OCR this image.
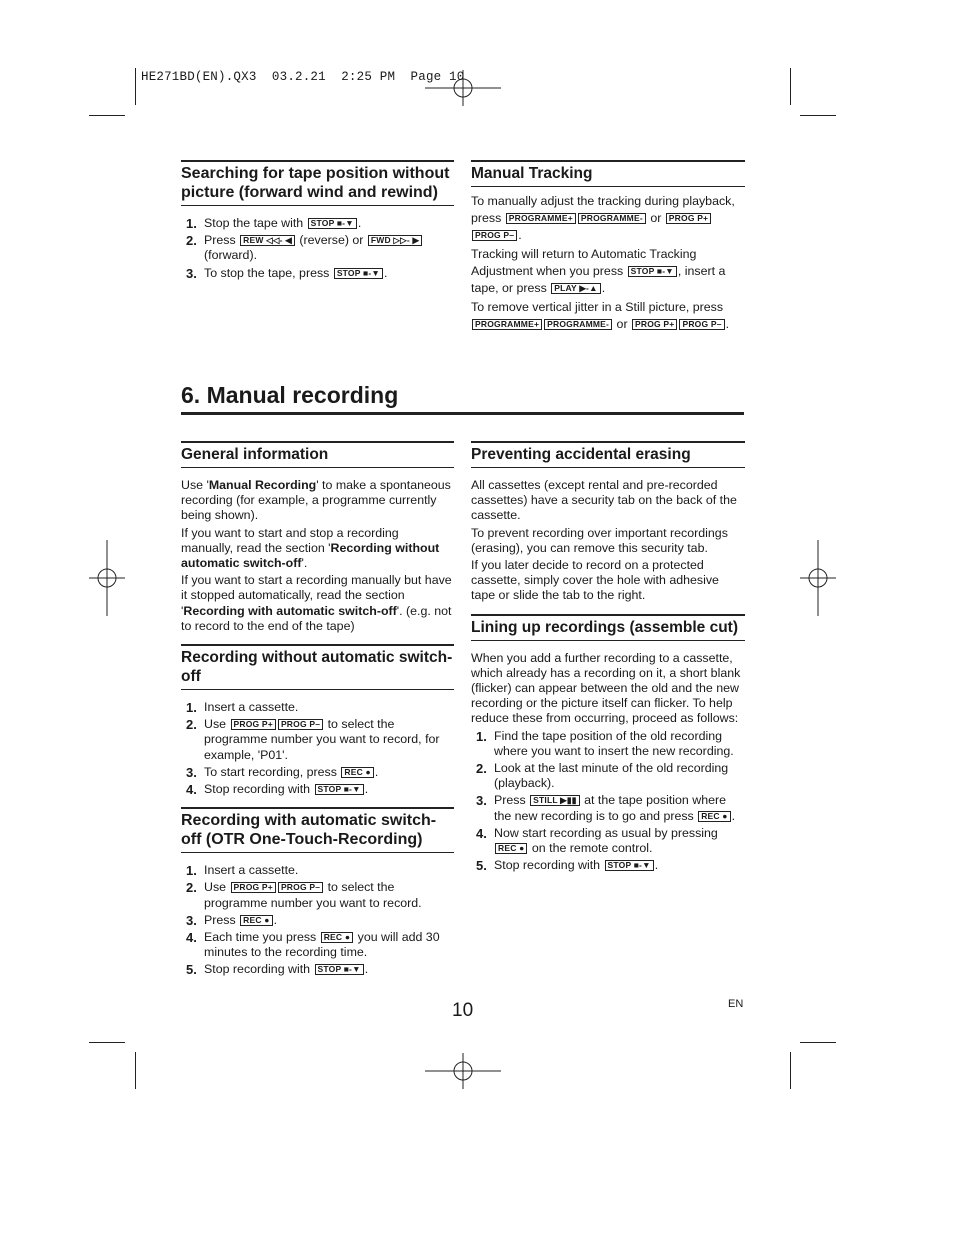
HE271BD(EN).QX3  03.2.21  2:25 PM  Page 10
Searching for tape position without picture (forward wind and rewind)
1. Stop the tape with STOP ■-▼ .
2. Press REW ◁◁- ◀ (reverse) or FWD ▷▷- ▶ (forward).
3. To stop the tape, press STOP ■-▼ .
Manual Tracking
To manually adjust the tracking during playback, press PROGRAMME+ PROGRAMME- or PROG P+ PROG P– .
Tracking will return to Automatic Tracking Adjustment when you press STOP ■-▼ , insert a tape, or press PLAY ▶-▲ .
To remove vertical jitter in a Still picture, press PROGRAMME+ PROGRAMME- or PROG P+ PROG P– .
6. Manual recording
General information
Use 'Manual Recording' to make a spontaneous recording (for example, a programme currently being shown).
If you want to start and stop a recording manually, read the section 'Recording without automatic switch-off'.
If you want to start a recording manually but have it stopped automatically, read the section 'Recording with automatic switch-off'. (e.g. not to record to the end of the tape)
Recording without automatic switch-off
1. Insert a cassette.
2. Use PROG P+ PROG P– to select the programme number you want to record, for example, 'P01'.
3. To start recording, press REC ● .
4. Stop recording with STOP ■-▼ .
Recording with automatic switch-off (OTR One-Touch-Recording)
1. Insert a cassette.
2. Use PROG P+ PROG P– to select the programme number you want to record.
3. Press REC ● .
4. Each time you press REC ● you will add 30 minutes to the recording time.
5. Stop recording with STOP ■-▼ .
Preventing accidental erasing
All cassettes (except rental and pre-recorded cassettes) have a security tab on the back of the cassette.
To prevent recording over important recordings (erasing), you can remove this security tab.
If you later decide to record on a protected cassette, simply cover the hole with adhesive tape or slide the tab to the right.
Lining up recordings (assemble cut)
When you add a further recording to a cassette, which already has a recording on it, a short blank (flicker) can appear between the old and the new recording or the picture itself can flicker. To help reduce these from occurring, proceed as follows:
1. Find the tape position of the old recording where you want to insert the new recording.
2. Look at the last minute of the old recording (playback).
3. Press STILL ▶▮▮ at the tape position where the new recording is to go and press REC ● .
4. Now start recording as usual by pressing REC ● on the remote control.
5. Stop recording with STOP ■-▼ .
10	EN
